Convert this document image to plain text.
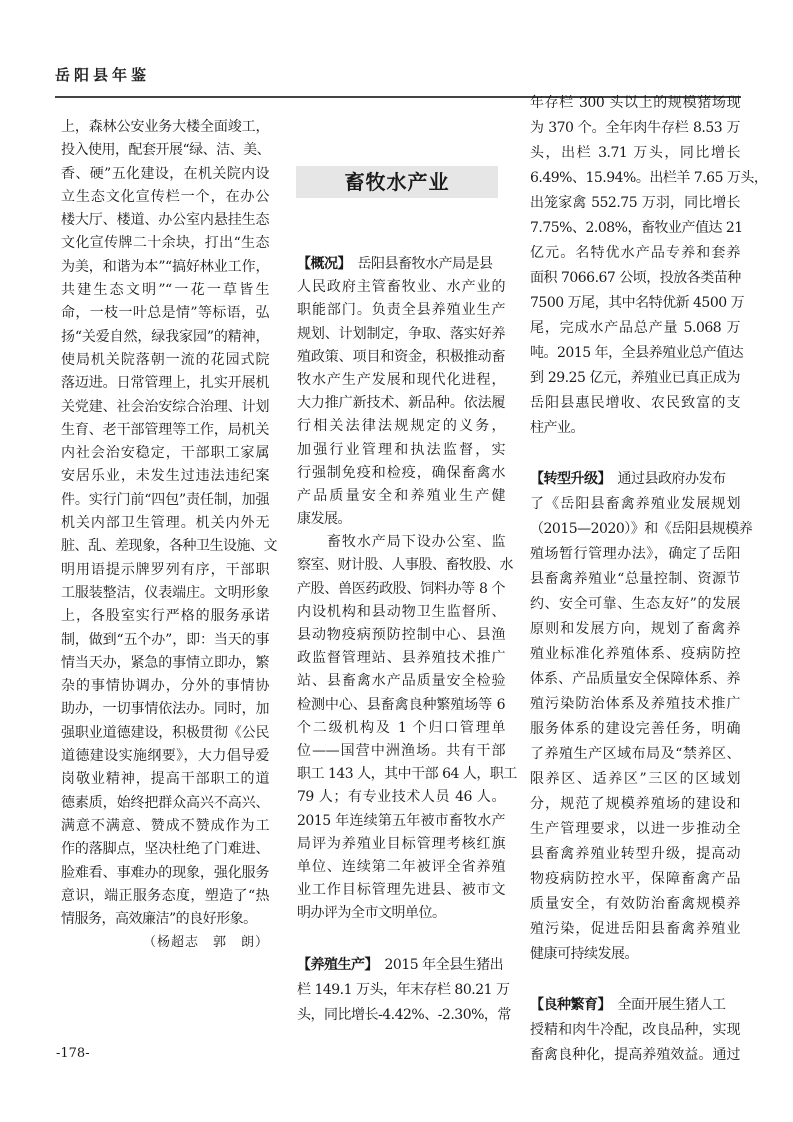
岳阳县年鉴
上，森林公安业务大楼全面竣工，
投入使用，配套开展“绿、洁、美、
香、硬”五化建设，在机关院内设
立生态文化宣传栏一个，在办公
楼大厅、楼道、办公室内悬挂生态
文化宣传牌二十余块，打出“生态
为美，和谐为本”“搞好林业工作，
共建生态文明”“一花一草皆生
命，一枝一叶总是情”等标语，弘
扬“关爱自然，绿我家园”的精神，
使局机关院落朝一流的花园式院
落迈进。日常管理上，扎实开展机
关党建、社会治安综合治理、计划
生育、老干部管理等工作，局机关
内社会治安稳定，干部职工家属
安居乐业，未发生过违法违纪案
件。实行门前“四包”责任制，加强
机关内部卫生管理。机关内外无
脏、乱、差现象，各种卫生设施、文
明用语提示牌罗列有序，干部职
工服装整洁，仪表端庄。文明形象
上，各股室实行严格的服务承诺
制，做到“五个办”，即：当天的事
情当天办，紧急的事情立即办，繁
杂的事情协调办，分外的事情协
助办，一切事情依法办。同时，加
强职业道德建设，积极贯彻《公民
道德建设实施纲要》，大力倡导爱
岗敬业精神，提高干部职工的道
德素质，始终把群众高兴不高兴、
满意不满意、赞成不赞成作为工
作的落脚点，坚决杜绝了门难进、
脸难看、事难办的现象，强化服务
意识，端正服务态度，塑造了“热
情服务，高效廉洁”的良好形象。
（杨超志　郭　朗）
畜牧水产业
【概况】　岳阳县畜牧水产局是县
人民政府主管畜牧业、水产业的
职能部门。负责全县养殖业生产
规划、计划制定，争取、落实好养
殖政策、项目和资金，积极推动畜
牧水产生产发展和现代化进程，
大力推广新技术、新品种。依法履
行相关法律法规规定的义务，
加强行业管理和执法监督，实
行强制免疫和检疫，确保畜禽水
产品质量安全和养殖业生产健
康发展。
　　畜牧水产局下设办公室、监
察室、财计股、人事股、畜牧股、水
产股、兽医药政股、饲料办等 8 个
内设机构和县动物卫生监督所、
县动物疫病预防控制中心、县渔
政监督管理站、县养殖技术推广
站、县畜禽水产品质量安全检验
检测中心、县畜禽良种繁殖场等 6
个二级机构及 1 个归口管理单
位——国营中洲渔场。共有干部
职工 143 人，其中干部 64 人，职工
79 人；有专业技术人员 46 人。
2015 年连续第五年被市畜牧水产
局评为养殖业目标管理考核红旗
单位、连续第二年被评全省养殖
业工作目标管理先进县、被市文
明办评为全市文明单位。
【养殖生产】　2015 年全县生猪出
栏 149.1 万头，年末存栏 80.21 万
头，同比增长-4.42%、-2.30%，常
年存栏 300 头以上的规模猪场现
为 370 个。全年肉牛存栏 8.53 万
头，出栏 3.71 万头，同比增长
6.49%、15.94%。出栏羊 7.65 万头，
出笼家禽 552.75 万羽，同比增长
7.75%、2.08%，畜牧业产值达 21
亿元。名特优水产品专养和套养
面积 7066.67 公顷，投放各类苗种
7500 万尾，其中名特优新 4500 万
尾，完成水产品总产量 5.068 万
吨。2015 年，全县养殖业总产值达
到 29.25 亿元，养殖业已真正成为
岳阳县惠民增收、农民致富的支
柱产业。
【转型升级】　通过县政府办发布
了《岳阳县畜禽养殖业发展规划
（2015—2020）》和《岳阳县规模养
殖场暂行管理办法》，确定了岳阳
县畜禽养殖业“总量控制、资源节
约、安全可靠、生态友好”的发展
原则和发展方向，规划了畜禽养
殖业标准化养殖体系、疫病防控
体系、产品质量安全保障体系、养
殖污染防治体系及养殖技术推广
服务体系的建设完善任务，明确
了养殖生产区域布局及“禁养区、
限养区、适养区”三区的区域划
分，规范了规模养殖场的建设和
生产管理要求，以进一步推动全
县畜禽养殖业转型升级，提高动
物疫病防控水平，保障畜禽产品
质量安全，有效防治畜禽规模养
殖污染，促进岳阳县畜禽养殖业
健康可持续发展。
【良种繁育】　全面开展生猪人工
授精和肉牛冷配，改良品种，实现
畜禽良种化，提高养殖效益。通过
-178-
